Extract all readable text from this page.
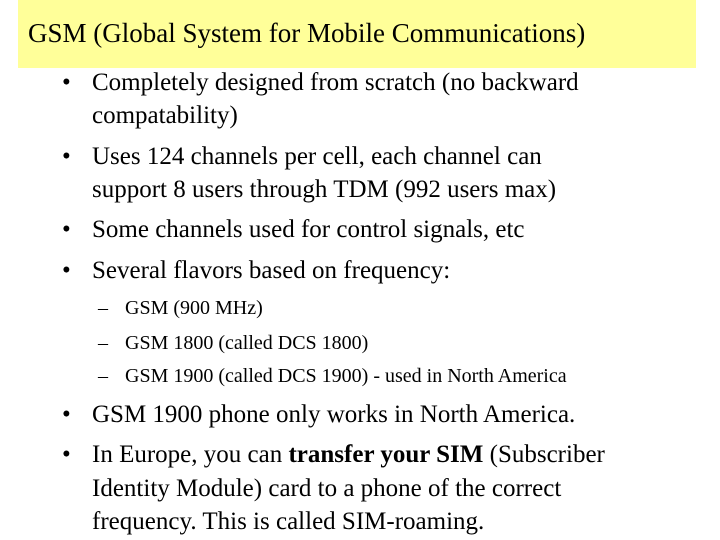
GSM (Global System for Mobile Communications)
• Completely designed from scratch (no backward
compatability)
• Uses 124 channels per cell, each channel can
support 8 users through TDM (992 users max)
• Some channels used for control signals, etc
• Several flavors based on frequency:
– GSM (900 MHz)
– GSM 1800 (called DCS 1800)
– GSM 1900 (called DCS 1900) - used in North America
• GSM 1900 phone only works in North America.
• In Europe, you can transfer your SIM (Subscriber
Identity Module) card to a phone of the correct
frequency. This is called SIM-roaming.
